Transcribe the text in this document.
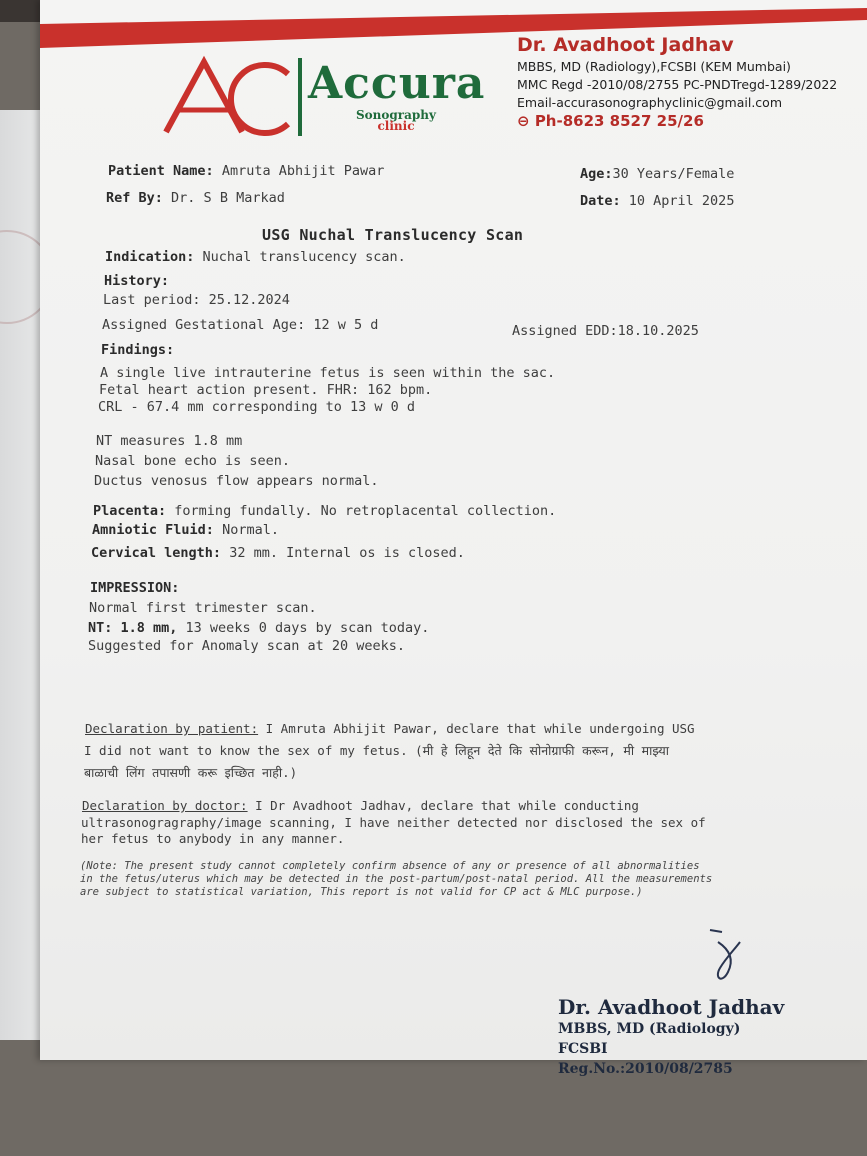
Accura
Sonography
clinic
Dr. Avadhoot Jadhav
MBBS, MD (Radiology),FCSBI (KEM Mumbai)
MMC Regd -2010/08/2755 PC-PNDTregd-1289/2022
Email-accurasonographyclinic@gmail.com
⊖ Ph-8623 8527 25/26
Patient Name: Amruta Abhijit Pawar
Ref By: Dr. S B Markad
Age:30 Years/Female
Date: 10 April 2025
USG Nuchal Translucency Scan
Indication: Nuchal translucency scan.
History:
Last period: 25.12.2024
Assigned Gestational Age: 12 w 5 d	Assigned EDD:18.10.2025
Findings:
A single live intrauterine fetus is seen within the sac.
Fetal heart action present. FHR: 162 bpm.
CRL - 67.4 mm corresponding to 13 w 0 d
NT measures 1.8 mm
Nasal bone echo is seen.
Ductus venosus flow appears normal.
Placenta: forming fundally. No retroplacental collection.
Amniotic Fluid: Normal.
Cervical length: 32 mm. Internal os is closed.
IMPRESSION:
Normal first trimester scan.
NT: 1.8 mm, 13 weeks 0 days by scan today.
Suggested for Anomaly scan at 20 weeks.
Declaration by patient: I Amruta Abhijit Pawar, declare that while undergoing USG
I did not want to know the sex of my fetus. (मी हे लिहून देते कि सोनोग्राफी करून, मी माझ्या
बाळाची लिंग तपासणी करू इच्छित नाही.)
Declaration by doctor: I Dr Avadhoot Jadhav, declare that while conducting
ultrasonogragraphy/image scanning, I have neither detected nor disclosed the sex of
her fetus to anybody in any manner.
(Note: The present study cannot completely confirm absence of any or presence of all abnormalities
in the fetus/uterus which may be detected in the post-partum/post-natal period. All the measurements
are subject to statistical variation, This report is not valid for CP act & MLC purpose.)
Dr. Avadhoot Jadhav
MBBS, MD (Radiology)
FCSBI
Reg.No.:2010/08/2785
